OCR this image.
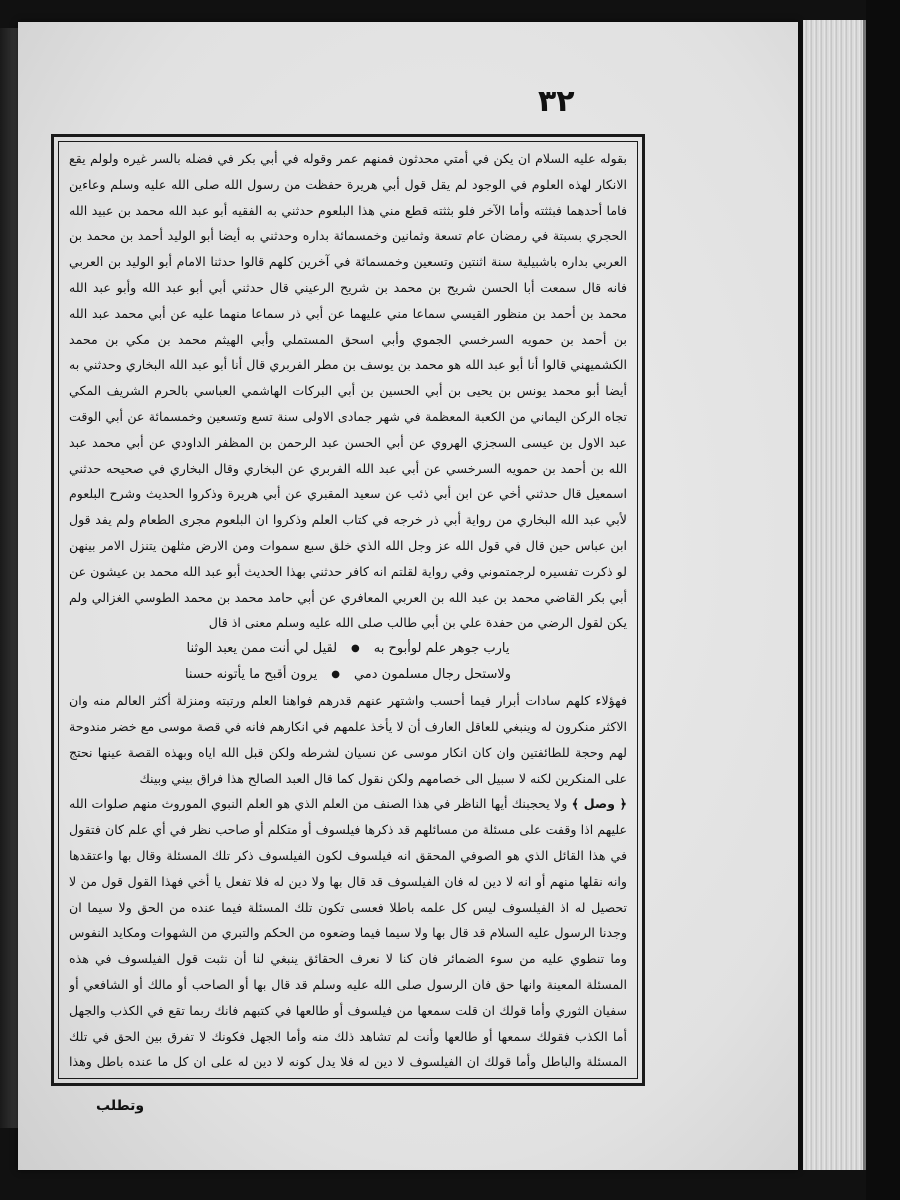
٣٢

بقوله عليه السلام ان يكن في أمتي محدثون فمنهم عمر وقوله في أبي بكر في فضله بالسر غيره ولولم يقع الانكار لهذه العلوم في الوجود لم يقل قول أبي هريرة حفظت من رسول الله صلى الله عليه وسلم وعاءين فاما أحدهما فبثثته وأما الآخر فلو بثثته قطع مني هذا البلعوم حدثني به الفقيه أبو عبد الله محمد بن عبيد الله الحجري بسبتة في رمضان عام تسعة وثمانين وخمسمائة بداره وحدثني به أيضا أبو الوليد أحمد بن محمد بن العربي بداره باشبيلية سنة اثنتين وتسعين وخمسمائة في آخرين كلهم قالوا حدثنا الامام أبو الوليد بن العربي فانه قال سمعت أبا الحسن شريح بن محمد بن شريح الرعيني قال حدثني أبي أبو عبد الله وأبو عبد الله محمد بن أحمد بن منظور القيسي سماعا مني عليهما عن أبي ذر سماعا منهما عليه عن أبي محمد عبد الله بن أحمد بن حمويه السرخسي الجموي وأبي اسحق المستملي وأبي الهيثم محمد بن مكي بن محمد الكشميهني قالوا أنا أبو عبد الله هو محمد بن يوسف بن مطر الفربري قال أنا أبو عبد الله البخاري وحدثني به أيضا أبو محمد يونس بن يحيى بن أبي الحسين بن أبي البركات الهاشمي العباسي بالحرم الشريف المكي تجاه الركن اليماني من الكعبة المعظمة في شهر جمادى الاولى سنة تسع وتسعين وخمسمائة عن أبي الوقت عبد الاول بن عيسى السجزي الهروي عن أبي الحسن عبد الرحمن بن المظفر الداودي عن أبي محمد عبد الله بن أحمد بن حمويه السرخسي عن أبي عبد الله الفربري عن البخاري وقال البخاري في صحيحه حدثني اسمعيل قال حدثني أخي عن ابن أبي ذئب عن سعيد المقبري عن أبي هريرة وذكروا الحديث وشرح البلعوم لأبي عبد الله البخاري من رواية أبي ذر خرجه في كتاب العلم وذكروا ان البلعوم مجرى الطعام ولم يفد قول ابن عباس حين قال في قول الله عز وجل الله الذي خلق سبع سموات ومن الارض مثلهن يتنزل الامر بينهن لو ذكرت تفسيره لرجمتموني وفي رواية لقلتم انه كافر حدثني بهذا الحديث أبو عبد الله محمد بن عيشون عن أبي بكر القاضي محمد بن عبد الله بن العربي المعافري عن أبي حامد محمد بن محمد الطوسي الغزالي ولم يكن لقول الرضي من حفدة علي بن أبي طالب صلى الله عليه وسلم معنى اذ قال

يارب جوهر علم لوأبوح به
●
لقيل لي أنت ممن يعبد الوثنا
ولاستحل رجال مسلمون دمي
●
يرون أقبح ما يأتونه حسنا

فهؤلاء كلهم سادات أبرار فيما أحسب واشتهر عنهم قدرهم فواهنا العلم ورتبته ومنزلة أكثر العالم منه وان الاكثر منكرون له وينبغي للعاقل العارف أن لا يأخذ علمهم في انكارهم فانه في قصة موسى مع خضر مندوحة لهم وحجة للطائفتين وان كان انكار موسى عن نسيان لشرطه ولكن قبل الله اياه وبهذه القصة عينها نحتج على المنكرين لكنه لا سبيل الى خصامهم ولكن نقول كما قال العبد الصالح هذا فراق بيني وبينك

﴿ وصل ﴾ ولا يحجبنك أيها الناظر في هذا الصنف من العلم الذي هو العلم النبوي الموروث منهم صلوات الله عليهم اذا وقفت على مسئلة من مسائلهم قد ذكرها فيلسوف أو متكلم أو صاحب نظر في أي علم كان فتقول في هذا القائل الذي هو الصوفي المحقق انه فيلسوف لكون الفيلسوف ذكر تلك المسئلة وقال بها واعتقدها وانه نقلها منهم أو انه لا دين له فان الفيلسوف قد قال بها ولا دين له فلا تفعل يا أخي فهذا القول قول من لا تحصيل له اذ الفيلسوف ليس كل علمه باطلا فعسى تكون تلك المسئلة فيما عنده من الحق ولا سيما ان وجدنا الرسول عليه السلام قد قال بها ولا سيما فيما وضعوه من الحكم والتبري من الشهوات ومكايد النفوس وما تنطوي عليه من سوء الضمائر فان كنا لا نعرف الحقائق ينبغي لنا أن نثبت قول الفيلسوف في هذه المسئلة المعينة وانها حق فان الرسول صلى الله عليه وسلم قد قال بها أو الصاحب أو مالك أو الشافعي أو سفيان الثوري وأما قولك ان قلت سمعها من فيلسوف أو طالعها في كتبهم فانك ربما تقع في الكذب والجهل أما الكذب فقولك سمعها أو طالعها وأنت لم تشاهد ذلك منه وأما الجهل فكونك لا تفرق بين الحق في تلك المسئلة والباطل وأما قولك ان الفيلسوف لا دين له فلا يدل كونه لا دين له على ان كل ما عنده باطل وهذا

وتطلب
